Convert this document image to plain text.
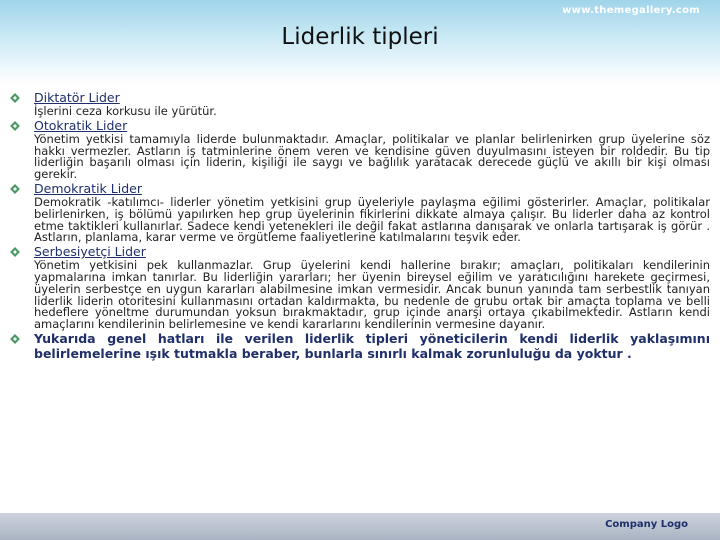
www.themegallery.com
Liderlik tipleri
Diktatör Lider
İşlerini ceza korkusu ile yürütür.
Otokratik Lider
Yönetim yetkisi tamamıyla liderde bulunmaktadır. Amaçlar, politikalar ve planlar belirlenirken grup üyelerine söz hakkı vermezler. Astların iş tatminlerine önem veren ve kendisine güven duyulmasını isteyen bir roldedir. Bu tip liderliğin başarılı olması için liderin, kişiliği ile saygı ve bağlılık yaratacak derecede güçlü ve akıllı bir kişi olması gerekir.
Demokratik Lider
Demokratik -katılımcı- liderler yönetim yetkisini grup üyeleriyle paylaşma eğilimi gösterirler. Amaçlar, politikalar belirlenirken, iş bölümü yapılırken hep grup üyelerinin fikirlerini dikkate almaya çalışır. Bu liderler daha az kontrol etme taktikleri kullanırlar. Sadece kendi yetenekleri ile değil fakat astlarına danışarak ve onlarla tartışarak iş görür . Astların, planlama, karar verme ve örgütleme faaliyetlerine katılmalarını teşvik eder.
Serbesiyetçi Lider
Yönetim yetkisini pek kullanmazlar. Grup üyelerini kendi hallerine bırakır; amaçları, politikaları kendilerinin yapmalarına imkan tanırlar. Bu liderliğin yararları; her üyenin bireysel eğilim ve yaratıcılığını harekete geçirmesi, üyelerin serbestçe en uygun kararları alabilmesine imkan vermesidir. Ancak bunun yanında tam serbestlik tanıyan liderlik liderin otoritesini kullanmasını ortadan kaldırmakta, bu nedenle de grubu ortak bir amaçta toplama ve belli hedeflere yöneltme durumundan yoksun bırakmaktadır, grup içinde anarşi ortaya çıkabilmektedir. Astların kendi amaçlarını kendilerinin belirlemesine ve kendi kararlarını kendilerinin vermesine dayanır.
Yukarıda genel hatları ile verilen liderlik tipleri yöneticilerin kendi liderlik yaklaşımını belirlemelerine ışık tutmakla beraber, bunlarla sınırlı kalmak zorunluluğu da yoktur .
Company Logo
